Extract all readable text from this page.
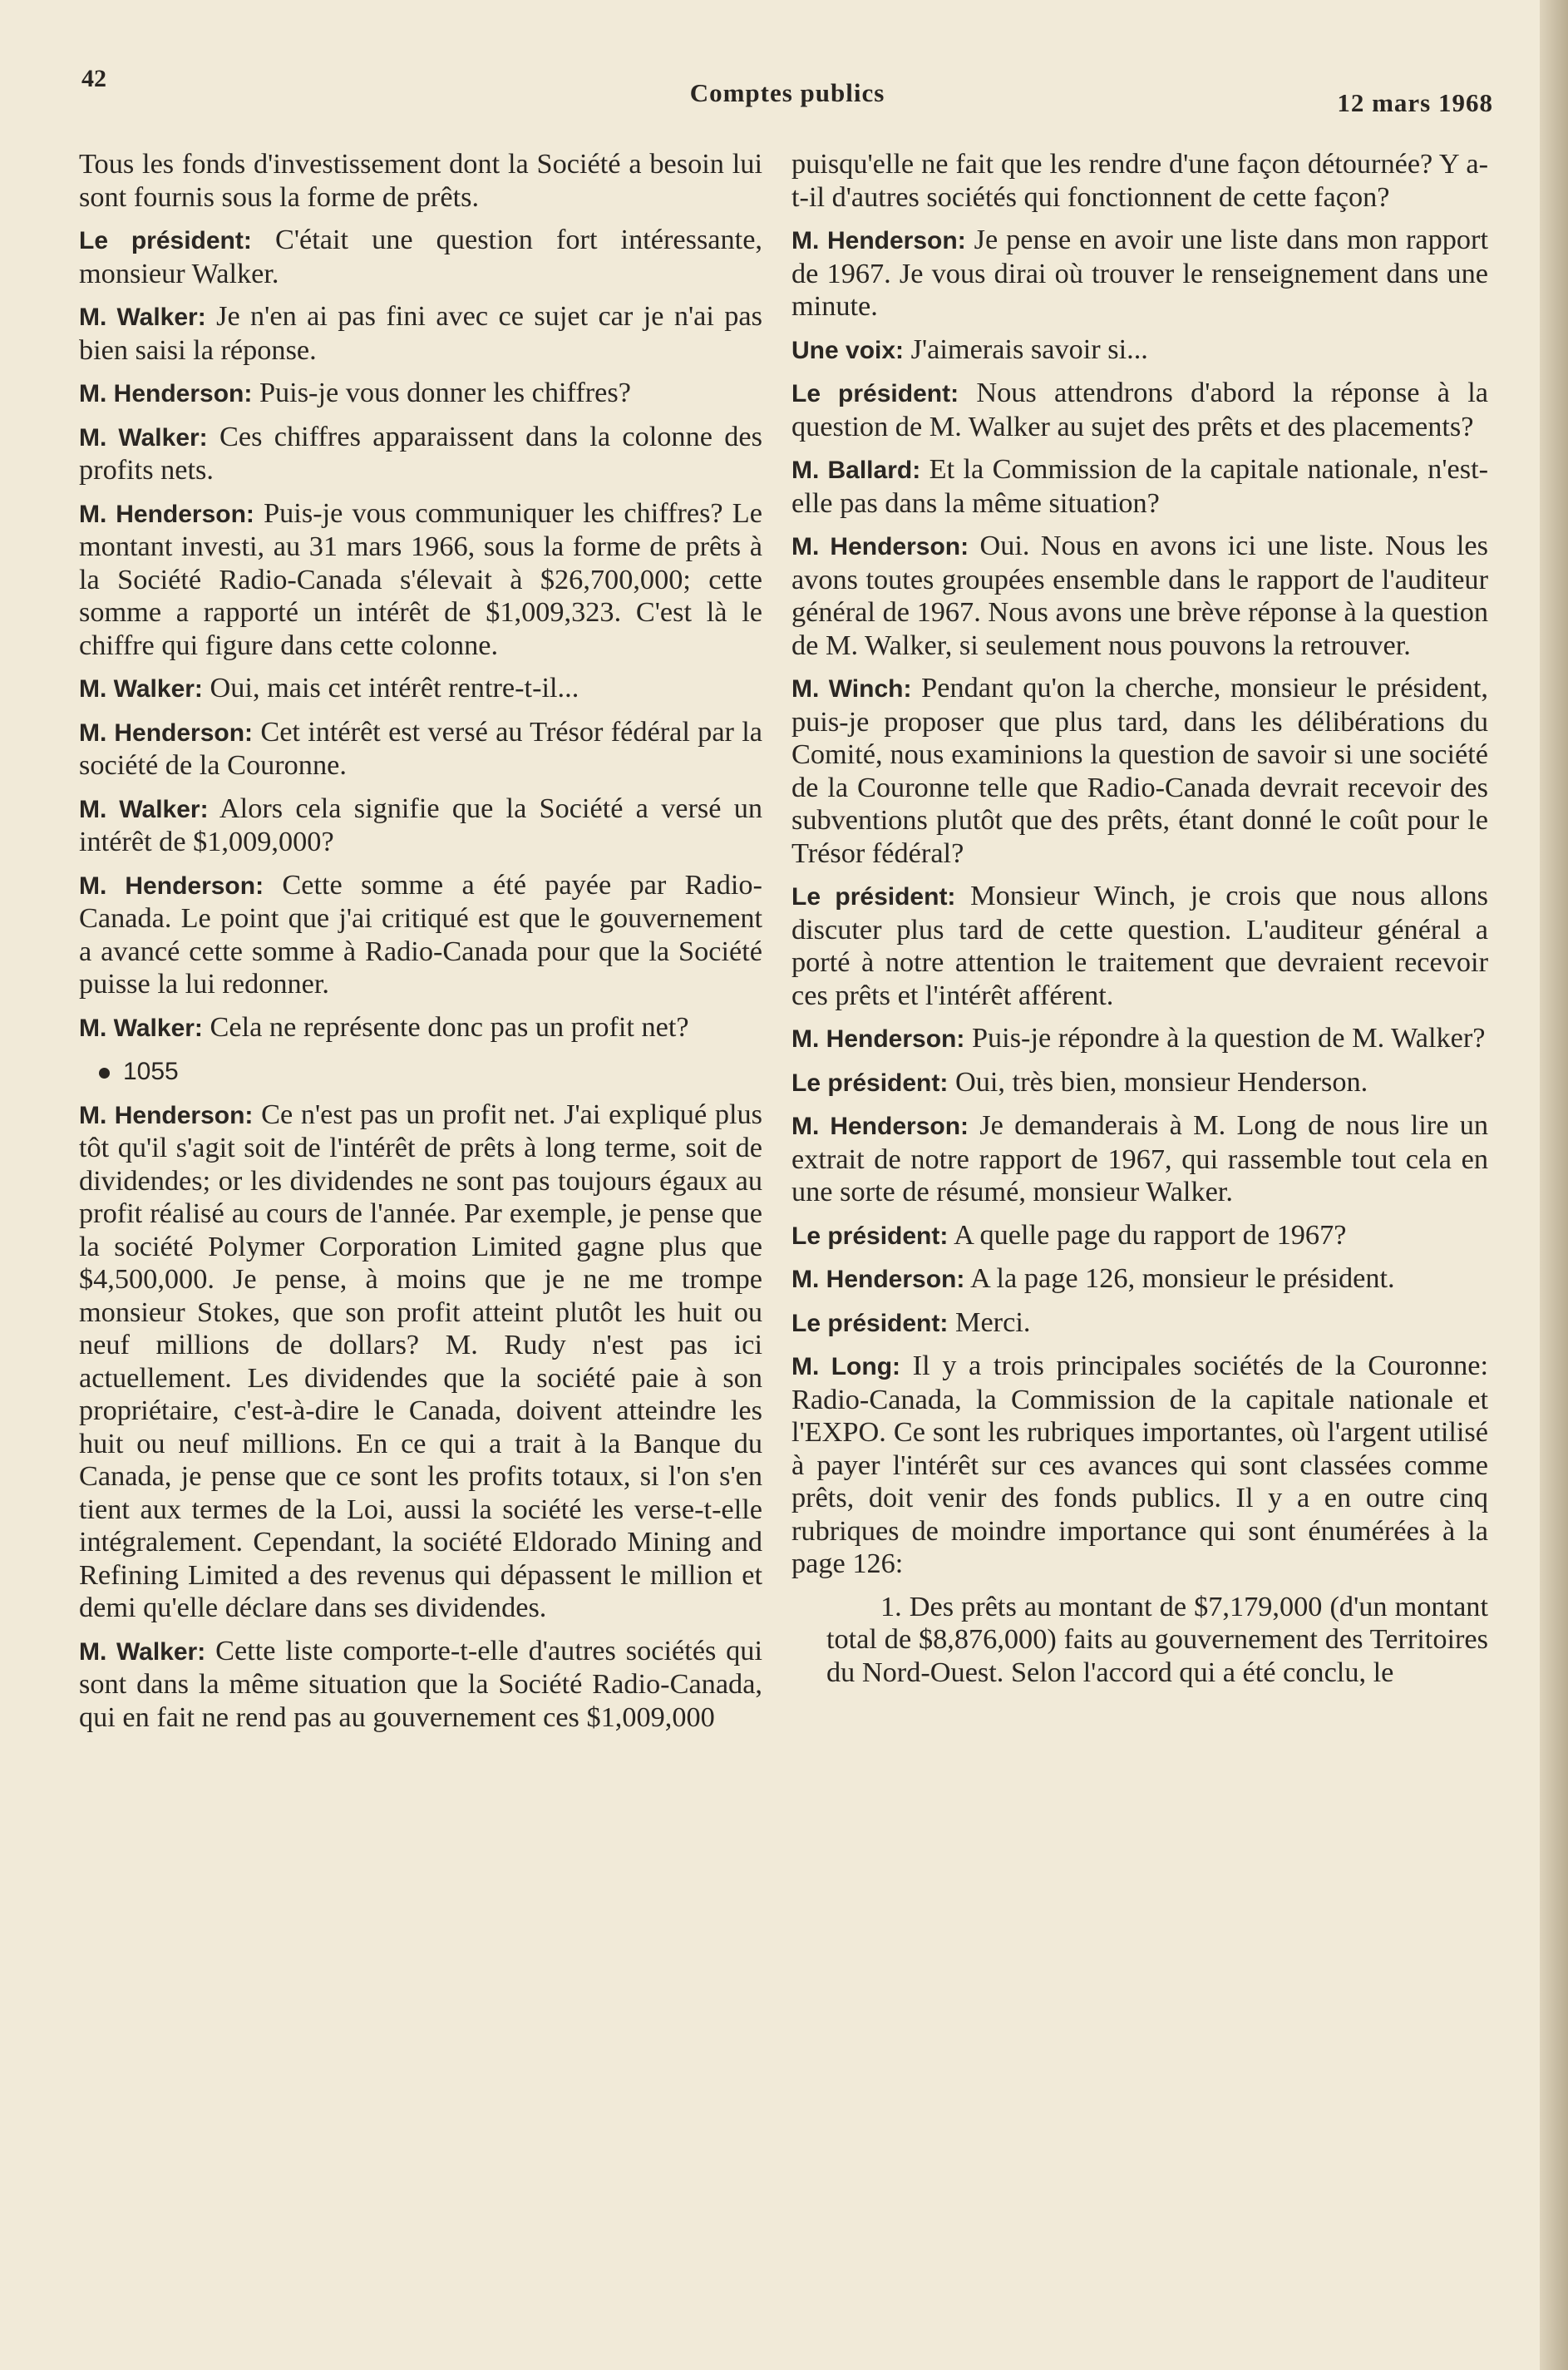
42	Comptes publics	12 mars 1968

Tous les fonds d'investissement dont la Société a besoin lui sont fournis sous la forme de prêts.

Le président: C'était une question fort intéressante, monsieur Walker.

M. Walker: Je n'en ai pas fini avec ce sujet car je n'ai pas bien saisi la réponse.

M. Henderson: Puis-je vous donner les chiffres?

M. Walker: Ces chiffres apparaissent dans la colonne des profits nets.

M. Henderson: Puis-je vous communiquer les chiffres? Le montant investi, au 31 mars 1966, sous la forme de prêts à la Société Radio-Canada s'élevait à $26,700,000; cette somme a rapporté un intérêt de $1,009,323. C'est là le chiffre qui figure dans cette colonne.

M. Walker: Oui, mais cet intérêt rentre-t-il...

M. Henderson: Cet intérêt est versé au Trésor fédéral par la société de la Couronne.

M. Walker: Alors cela signifie que la Société a versé un intérêt de $1,009,000?

M. Henderson: Cette somme a été payée par Radio-Canada. Le point que j'ai critiqué est que le gouvernement a avancé cette somme à Radio-Canada pour que la Société puisse la lui redonner.

M. Walker: Cela ne représente donc pas un profit net?

1055

M. Henderson: Ce n'est pas un profit net. J'ai expliqué plus tôt qu'il s'agit soit de l'intérêt de prêts à long terme, soit de dividendes; or les dividendes ne sont pas toujours égaux au profit réalisé au cours de l'année. Par exemple, je pense que la société Polymer Corporation Limited gagne plus que $4,500,000. Je pense, à moins que je ne me trompe monsieur Stokes, que son profit atteint plutôt les huit ou neuf millions de dollars? M. Rudy n'est pas ici actuellement. Les dividendes que la société paie à son propriétaire, c'est-à-dire le Canada, doivent atteindre les huit ou neuf millions. En ce qui a trait à la Banque du Canada, je pense que ce sont les profits totaux, si l'on s'en tient aux termes de la Loi, aussi la société les verse-t-elle intégralement. Cependant, la société Eldorado Mining and Refining Limited a des revenus qui dépassent le million et demi qu'elle déclare dans ses dividendes.

M. Walker: Cette liste comporte-t-elle d'autres sociétés qui sont dans la même situation que la Société Radio-Canada, qui en fait ne rend pas au gouvernement ces $1,009,000

puisqu'elle ne fait que les rendre d'une façon détournée? Y a-t-il d'autres sociétés qui fonctionnent de cette façon?

M. Henderson: Je pense en avoir une liste dans mon rapport de 1967. Je vous dirai où trouver le renseignement dans une minute.

Une voix: J'aimerais savoir si...

Le président: Nous attendrons d'abord la réponse à la question de M. Walker au sujet des prêts et des placements?

M. Ballard: Et la Commission de la capitale nationale, n'est-elle pas dans la même situation?

M. Henderson: Oui. Nous en avons ici une liste. Nous les avons toutes groupées ensemble dans le rapport de l'auditeur général de 1967. Nous avons une brève réponse à la question de M. Walker, si seulement nous pouvons la retrouver.

M. Winch: Pendant qu'on la cherche, monsieur le président, puis-je proposer que plus tard, dans les délibérations du Comité, nous examinions la question de savoir si une société de la Couronne telle que Radio-Canada devrait recevoir des subventions plutôt que des prêts, étant donné le coût pour le Trésor fédéral?

Le président: Monsieur Winch, je crois que nous allons discuter plus tard de cette question. L'auditeur général a porté à notre attention le traitement que devraient recevoir ces prêts et l'intérêt afférent.

M. Henderson: Puis-je répondre à la question de M. Walker?

Le président: Oui, très bien, monsieur Henderson.

M. Henderson: Je demanderais à M. Long de nous lire un extrait de notre rapport de 1967, qui rassemble tout cela en une sorte de résumé, monsieur Walker.

Le président: A quelle page du rapport de 1967?

M. Henderson: A la page 126, monsieur le président.

Le président: Merci.

M. Long: Il y a trois principales sociétés de la Couronne: Radio-Canada, la Commission de la capitale nationale et l'EXPO. Ce sont les rubriques importantes, où l'argent utilisé à payer l'intérêt sur ces avances qui sont classées comme prêts, doit venir des fonds publics. Il y a en outre cinq rubriques de moindre importance qui sont énumérées à la page 126:

1. Des prêts au montant de $7,179,000 (d'un montant total de $8,876,000) faits au gouvernement des Territoires du Nord-Ouest. Selon l'accord qui a été conclu, le
